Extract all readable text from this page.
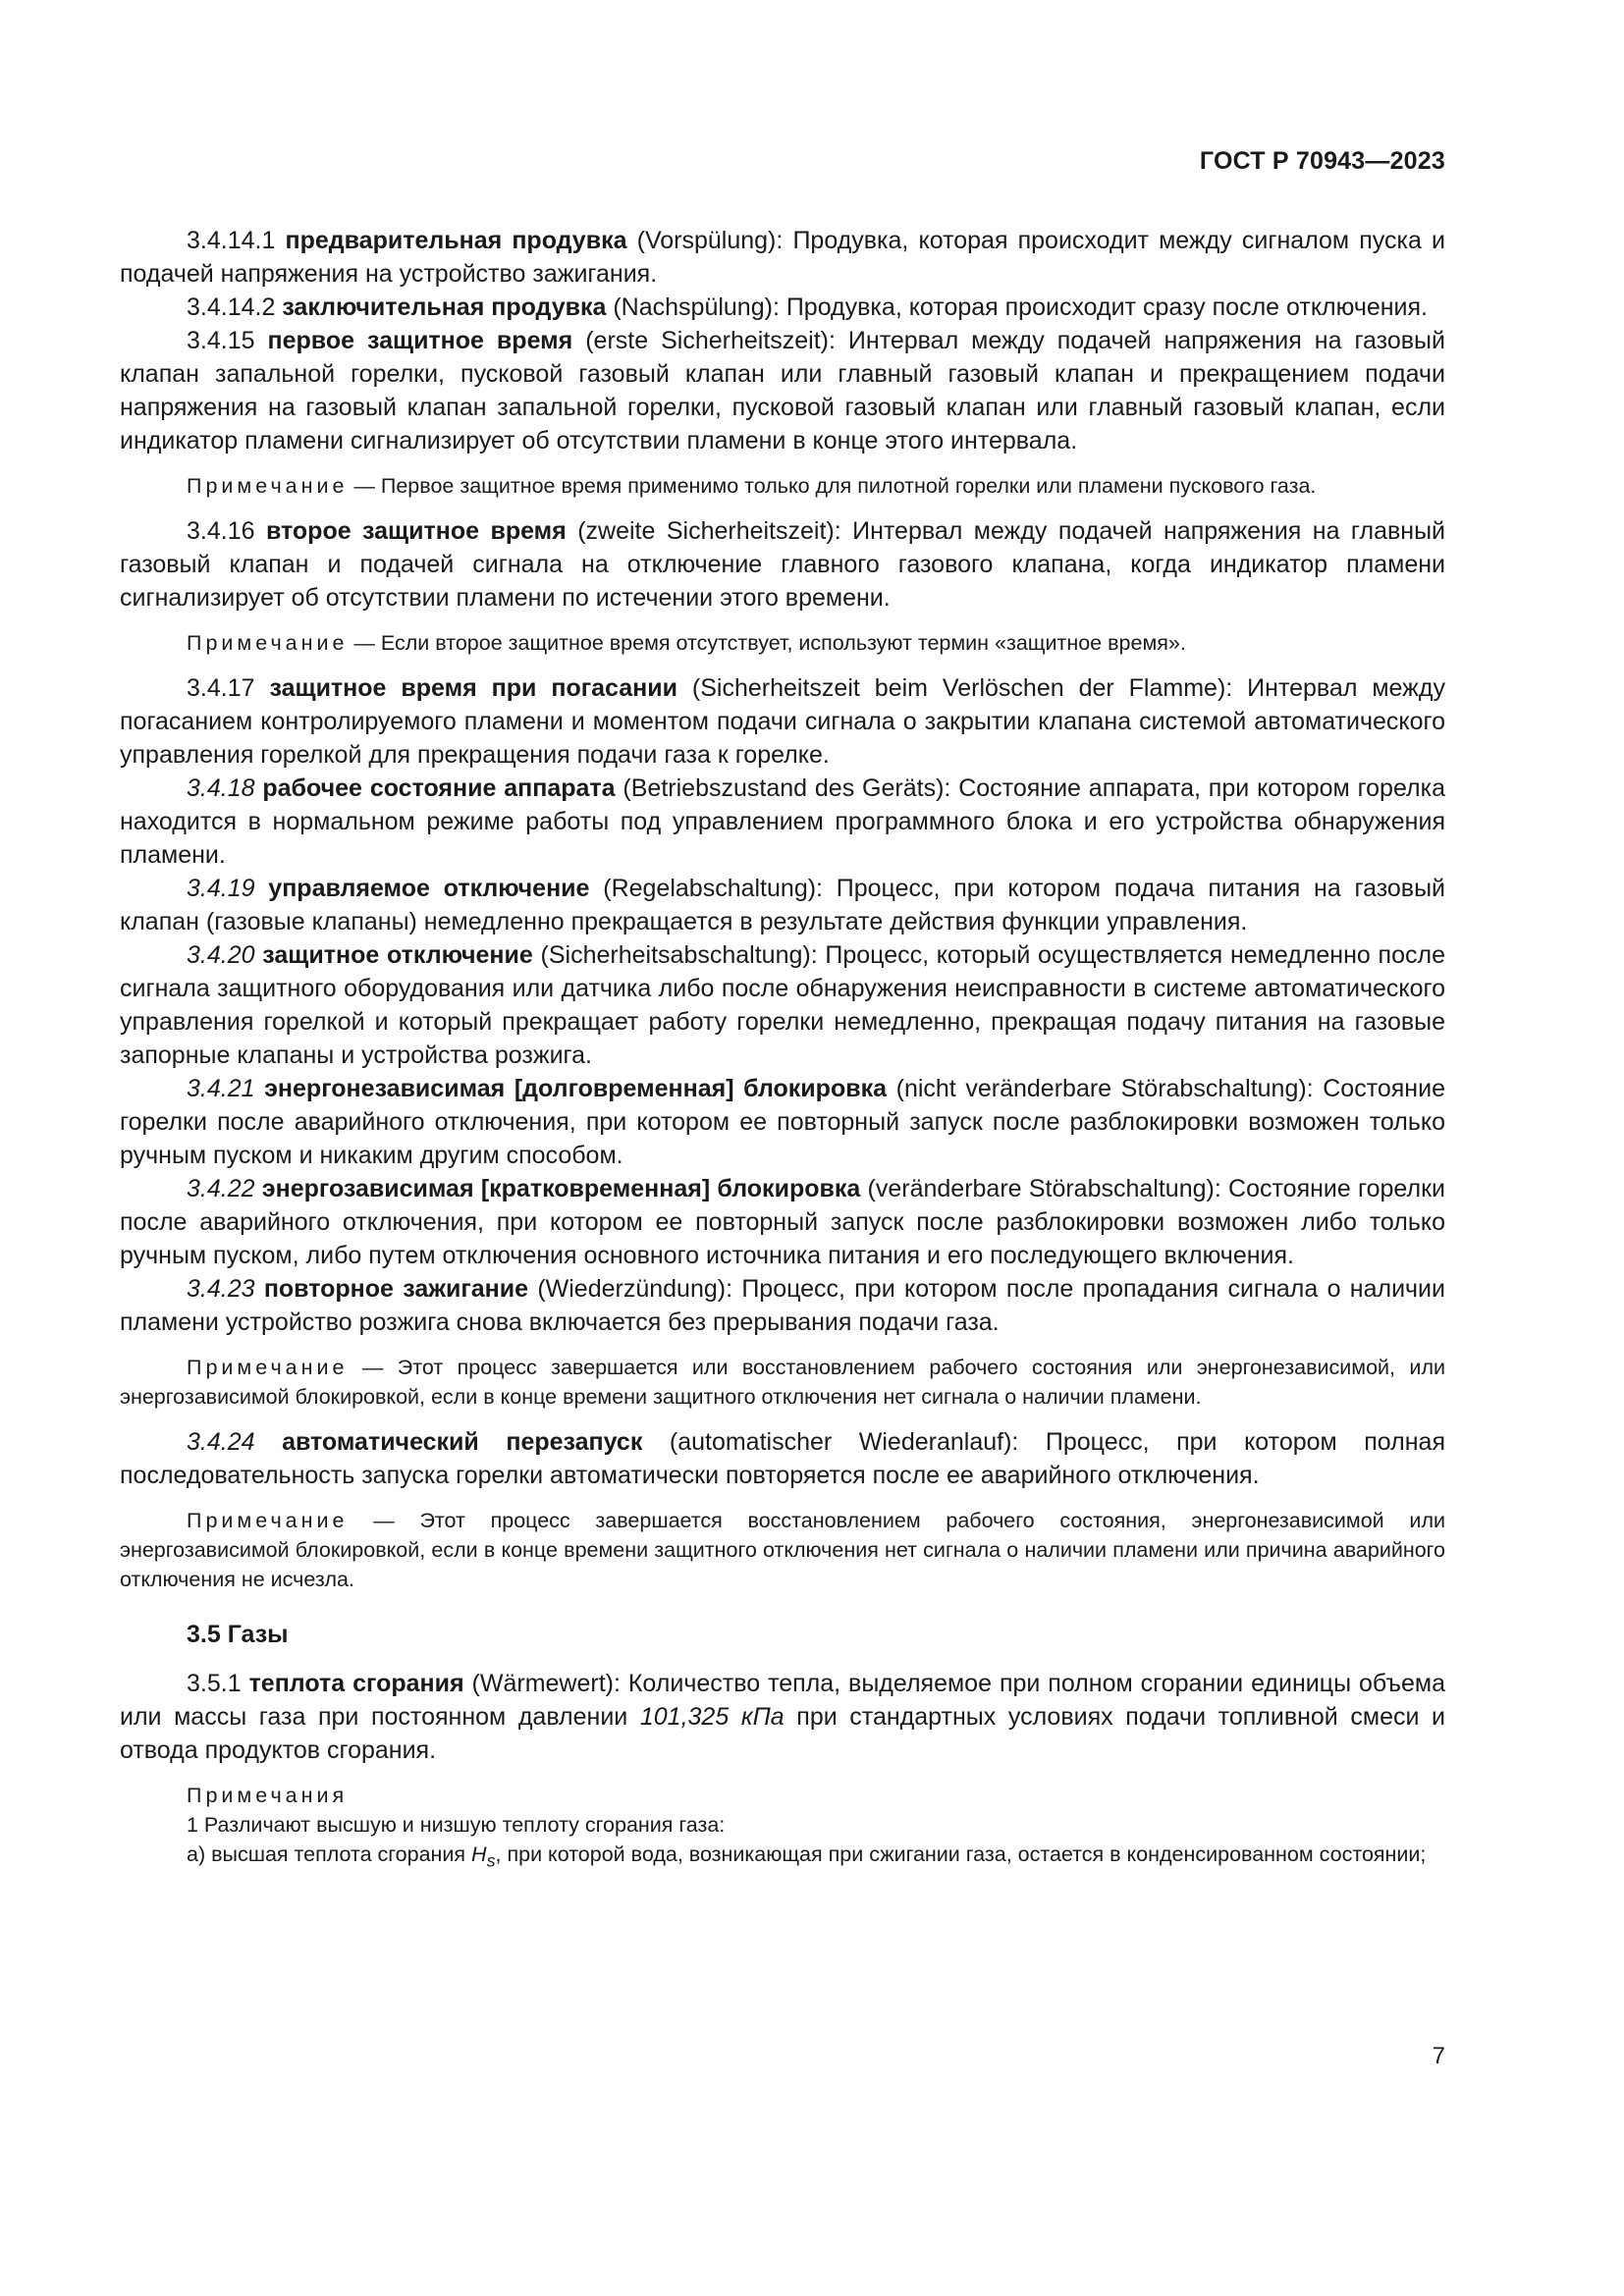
ГОСТ Р 70943—2023

3.4.14.1 предварительная продувка (Vorspülung): Продувка, которая происходит между сигналом пуска и подачей напряжения на устройство зажигания.

3.4.14.2 заключительная продувка (Nachspülung): Продувка, которая происходит сразу после отключения.

3.4.15 первое защитное время (erste Sicherheitszeit): Интервал между подачей напряжения на газовый клапан запальной горелки, пусковой газовый клапан или главный газовый клапан и прекращением подачи напряжения на газовый клапан запальной горелки, пусковой газовый клапан или главный газовый клапан, если индикатор пламени сигнализирует об отсутствии пламени в конце этого интервала.

Примечание — Первое защитное время применимо только для пилотной горелки или пламени пускового газа.

3.4.16 второе защитное время (zweite Sicherheitszeit): Интервал между подачей напряжения на главный газовый клапан и подачей сигнала на отключение главного газового клапана, когда индикатор пламени сигнализирует об отсутствии пламени по истечении этого времени.

Примечание — Если второе защитное время отсутствует, используют термин «защитное время».

3.4.17 защитное время при погасании (Sicherheitszeit beim Verlöschen der Flamme): Интервал между погасанием контролируемого пламени и моментом подачи сигнала о закрытии клапана системой автоматического управления горелкой для прекращения подачи газа к горелке.

3.4.18 рабочее состояние аппарата (Betriebszustand des Geräts): Состояние аппарата, при котором горелка находится в нормальном режиме работы под управлением программного блока и его устройства обнаружения пламени.

3.4.19 управляемое отключение (Regelabschaltung): Процесс, при котором подача питания на газовый клапан (газовые клапаны) немедленно прекращается в результате действия функции управления.

3.4.20 защитное отключение (Sicherheitsabschaltung): Процесс, который осуществляется немедленно после сигнала защитного оборудования или датчика либо после обнаружения неисправности в системе автоматического управления горелкой и который прекращает работу горелки немедленно, прекращая подачу питания на газовые запорные клапаны и устройства розжига.

3.4.21 энергонезависимая [долговременная] блокировка (nicht veränderbare Störabschaltung): Состояние горелки после аварийного отключения, при котором ее повторный запуск после разблокировки возможен только ручным пуском и никаким другим способом.

3.4.22 энергозависимая [кратковременная] блокировка (veränderbare Störabschaltung): Состояние горелки после аварийного отключения, при котором ее повторный запуск после разблокировки возможен либо только ручным пуском, либо путем отключения основного источника питания и его последующего включения.

3.4.23 повторное зажигание (Wiederzündung): Процесс, при котором после пропадания сигнала о наличии пламени устройство розжига снова включается без прерывания подачи газа.

Примечание — Этот процесс завершается или восстановлением рабочего состояния или энергонезависимой, или энергозависимой блокировкой, если в конце времени защитного отключения нет сигнала о наличии пламени.

3.4.24 автоматический перезапуск (automatischer Wiederanlauf): Процесс, при котором полная последовательность запуска горелки автоматически повторяется после ее аварийного отключения.

Примечание — Этот процесс завершается восстановлением рабочего состояния, энергонезависимой или энергозависимой блокировкой, если в конце времени защитного отключения нет сигнала о наличии пламени или причина аварийного отключения не исчезла.

3.5 Газы

3.5.1 теплота сгорания (Wärmewert): Количество тепла, выделяемое при полном сгорании единицы объема или массы газа при постоянном давлении 101,325 кПа при стандартных условиях подачи топливной смеси и отвода продуктов сгорания.

Примечания

1 Различают высшую и низшую теплоту сгорания газа:

а) высшая теплота сгорания $H_s$, при которой вода, возникающая при сжигании газа, остается в конденсированном состоянии;

7
